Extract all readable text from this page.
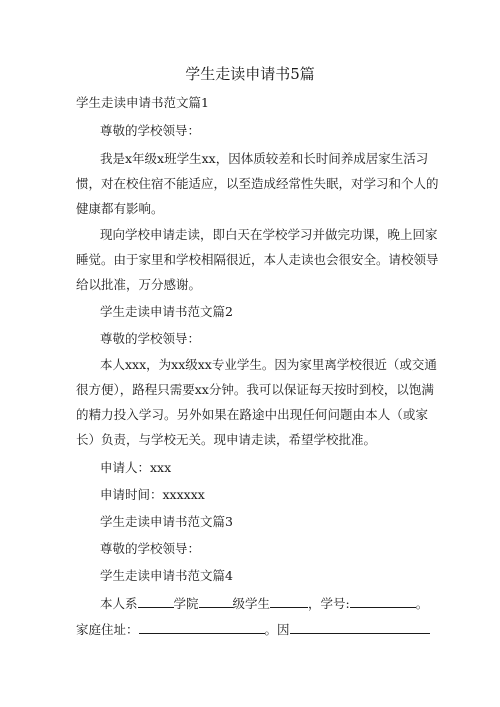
学生走读申请书5篇
学生走读申请书范文篇1
尊敬的学校领导：
我是x年级x班学生xx，因体质较差和长时间养成居家生活习
惯，对在校住宿不能适应，以至造成经常性失眠，对学习和个人的
健康都有影响。
现向学校申请走读，即白天在学校学习并做完功课，晚上回家
睡觉。由于家里和学校相隔很近，本人走读也会很安全。请校领导
给以批准，万分感谢。
学生走读申请书范文篇2
尊敬的学校领导：
本人xxx，为xx级xx专业学生。因为家里离学校很近（或交通
很方便），路程只需要xx分钟。我可以保证每天按时到校，以饱满
的精力投入学习。另外如果在路途中出现任何问题由本人（或家
长）负责，与学校无关。现申请走读，希望学校批准。
申请人：xxx
申请时间：xxxxxx
学生走读申请书范文篇3
尊敬的学校领导：
学生走读申请书范文篇4
本人系	学院	级学生	，学号:	。
家庭住址：	。因
